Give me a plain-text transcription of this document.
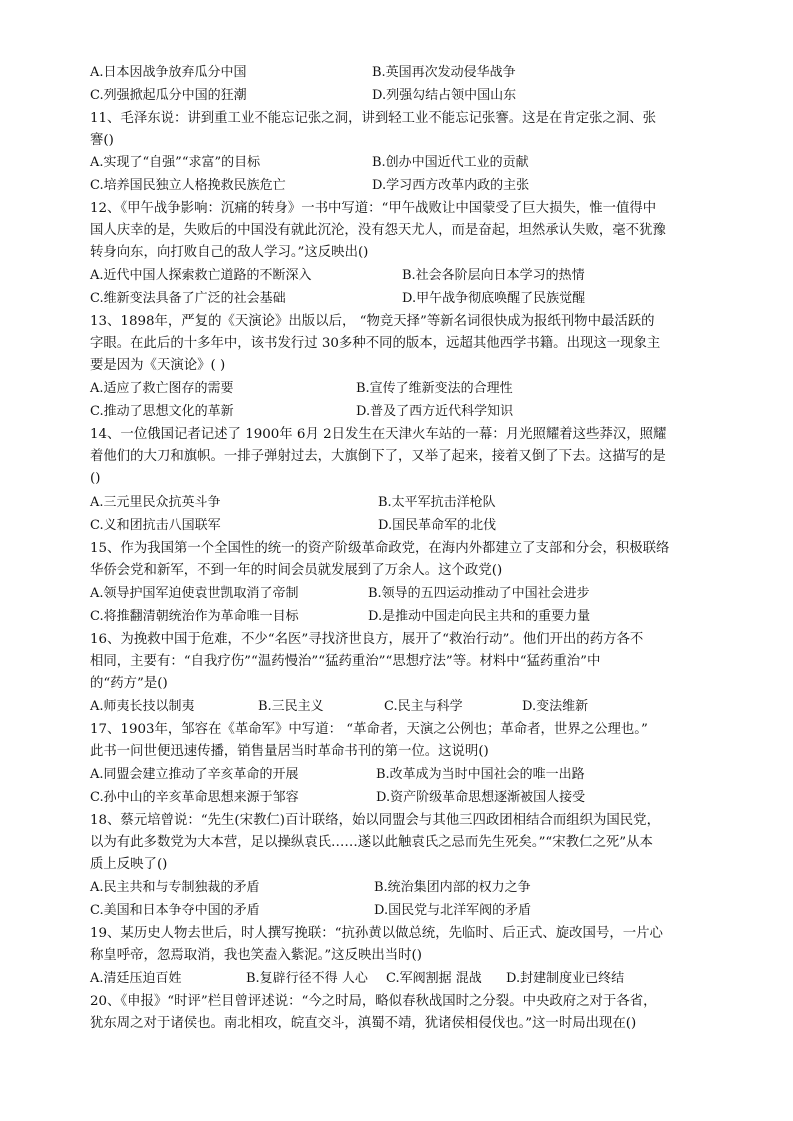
A.日本因战争放弃瓜分中国	B.英国再次发动侵华战争
C.列强掀起瓜分中国的狂潮	D.列强勾结占领中国山东
11、毛泽东说：讲到重工业不能忘记张之洞，讲到轻工业不能忘记张謇。这是在肯定张之洞、张
謇()
A.实现了“自强”“求富”的目标	B.创办中国近代工业的贡献
C.培养国民独立人格挽救民族危亡	D.学习西方改革内政的主张
12、《甲午战争影响：沉痛的转身》一书中写道：“甲午战败让中国蒙受了巨大损失，惟一值得中
国人庆幸的是，失败后的中国没有就此沉沦，没有怨天尤人，而是奋起，坦然承认失败，毫不犹豫
转身向东，向打败自己的敌人学习。”这反映出()
A.近代中国人探索救亡道路的不断深入	B.社会各阶层向日本学习的热情
C.维新变法具备了广泛的社会基础	D.甲午战争彻底唤醒了民族觉醒
13、1898年，严复的《天演论》出版以后， “物竞天择”等新名词很快成为报纸刊物中最活跃的
字眼。在此后的十多年中，该书发行过 30多种不同的版本，远超其他西学书籍。出现这一现象主
要是因为《天演论》( )
A.适应了救亡图存的需要	B.宣传了维新变法的合理性
C.推动了思想文化的革新	D.普及了西方近代科学知识
14、一位俄国记者记述了 1900年 6月 2日发生在天津火车站的一幕：月光照耀着这些莽汉，照耀
着他们的大刀和旗帜。一排子弹射过去，大旗倒下了，又举了起来，接着又倒了下去。这描写的是
()
A.三元里民众抗英斗争	B.太平军抗击洋枪队
C.义和团抗击八国联军	D.国民革命军的北伐
15、作为我国第一个全国性的统一的资产阶级革命政党，在海内外都建立了支部和分会，积极联络
华侨会党和新军，不到一年的时间会员就发展到了万余人。这个政党()
A.领导护国军迫使袁世凯取消了帝制	B.领导的五四运动推动了中国社会进步
C.将推翻清朝统治作为革命唯一目标	D.是推动中国走向民主共和的重要力量
16、为挽救中国于危难，不少“名医”寻找济世良方，展开了“救治行动”。他们开出的药方各不
相同，主要有：“自我疗伤”“温药慢治”“猛药重治”“思想疗法”等。材料中“猛药重治”中
的“药方”是()
A.师夷长技以制夷	B.三民主义	C.民主与科学	D.变法维新
17、1903年，邹容在《革命军》中写道： “革命者，天演之公例也；革命者，世界之公理也。”
此书一问世便迅速传播，销售量居当时革命书刊的第一位。这说明()
A.同盟会建立推动了辛亥革命的开展	B.改革成为当时中国社会的唯一出路
C.孙中山的辛亥革命思想来源于邹容	D.资产阶级革命思想逐渐被国人接受
18、蔡元培曾说：“先生(宋教仁)百计联络，始以同盟会与其他三四政团相结合而组织为国民党，
以为有此多数党为大本营，足以操纵袁氏……遂以此触袁氏之忌而先生死矣。”“宋教仁之死”从本
质上反映了()
A.民主共和与专制独裁的矛盾	B.统治集团内部的权力之争
C.美国和日本争夺中国的矛盾	D.国民党与北洋军阀的矛盾
19、某历史人物去世后，时人撰写挽联：“抗孙黄以做总统，先临时、后正式、旋改国号，一片心
称皇呼帝，忽焉取消，我也笑盍入紫泥。”这反映出当时()
A.清廷压迫百姓	B.复辟行径不得 人心 C.军阀割据 混战 D.封建制度业已终结
20、《申报》“时评”栏目曾评述说：“今之时局，略似春秋战国时之分裂。中央政府之对于各省，
犹东周之对于诸侯也。南北相攻，皖直交斗，滇蜀不靖，犹诸侯相侵伐也。”这一时局出现在()
